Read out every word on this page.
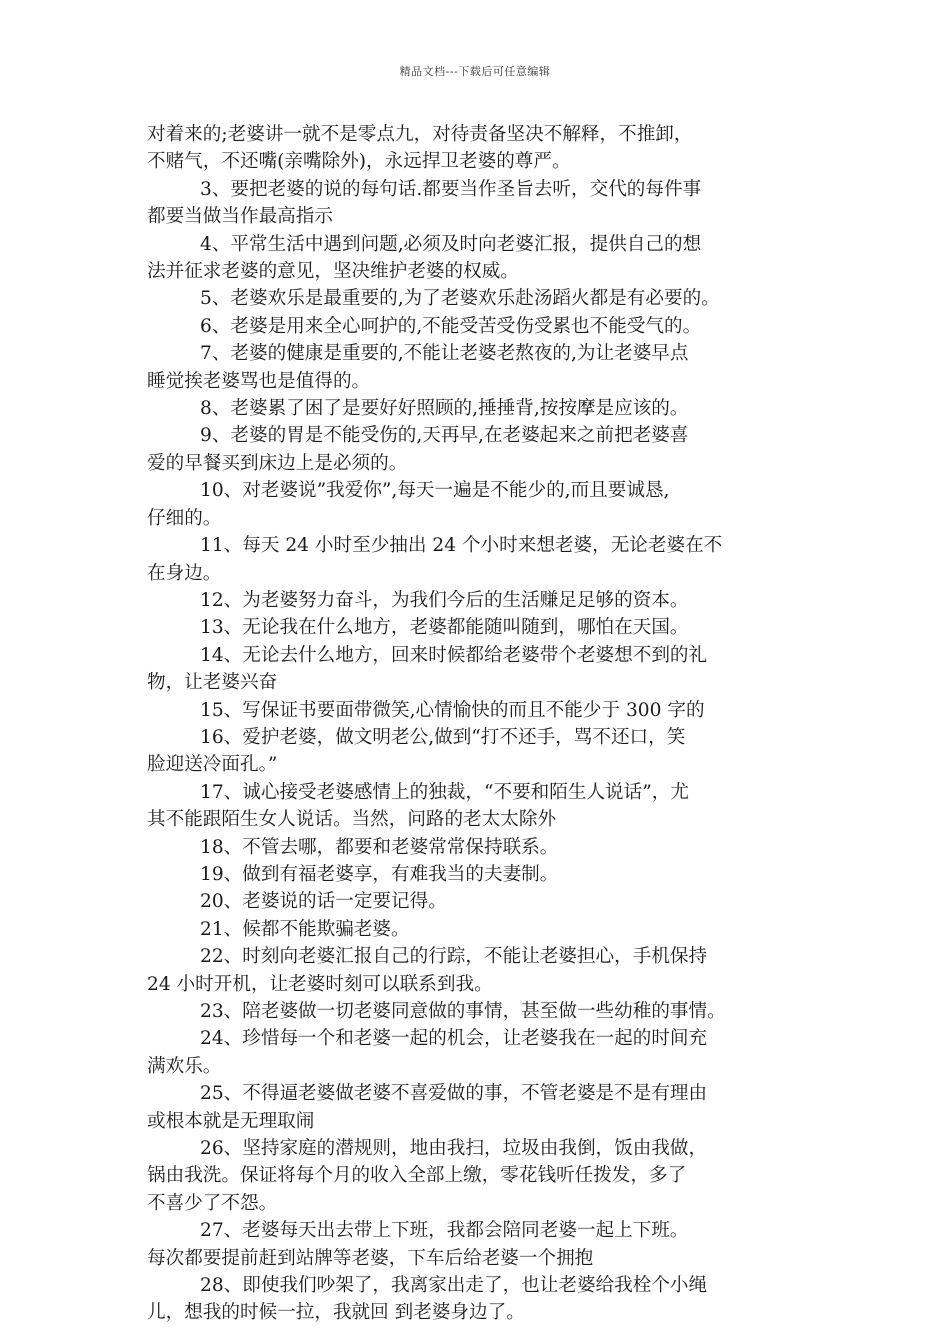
精品文档---下载后可任意编辑

对着来的;老婆讲一就不是零点九，对待责备坚决不解释，不推卸，

不赌气，不还嘴(亲嘴除外)，永远捍卫老婆的尊严。

3、要把老婆的说的每句话.都要当作圣旨去听，交代的每件事

都要当做当作最高指示

4、平常生活中遇到问题,必须及时向老婆汇报，提供自己的想

法并征求老婆的意见，坚决维护老婆的权威。

5、老婆欢乐是最重要的,为了老婆欢乐赴汤蹈火都是有必要的。

6、老婆是用来全心呵护的,不能受苦受伤受累也不能受气的。

7、老婆的健康是重要的,不能让老婆老熬夜的,为让老婆早点

睡觉挨老婆骂也是值得的。

8、老婆累了困了是要好好照顾的,捶捶背,按按摩是应该的。

9、老婆的胃是不能受伤的,天再早,在老婆起来之前把老婆喜

爱的早餐买到床边上是必须的。

10、对老婆说”我爱你”,每天一遍是不能少的,而且要诚恳,

仔细的。

11、每天 24 小时至少抽出 24 个小时来想老婆，无论老婆在不

在身边。

12、为老婆努力奋斗，为我们今后的生活赚足足够的资本。

13、无论我在什么地方，老婆都能随叫随到，哪怕在天国。

14、无论去什么地方，回来时候都给老婆带个老婆想不到的礼

物，让老婆兴奋

15、写保证书要面带微笑,心情愉快的而且不能少于 300 字的

16、爱护老婆，做文明老公,做到“打不还手，骂不还口，笑

脸迎送冷面孔。”

17、诚心接受老婆感情上的独裁，“不要和陌生人说话”，尤

其不能跟陌生女人说话。当然，问路的老太太除外

18、不管去哪，都要和老婆常常保持联系。

19、做到有福老婆享，有难我当的夫妻制。

20、老婆说的话一定要记得。

21、候都不能欺骗老婆。

22、时刻向老婆汇报自己的行踪，不能让老婆担心，手机保持

24 小时开机，让老婆时刻可以联系到我。

23、陪老婆做一切老婆同意做的事情，甚至做一些幼稚的事情。

24、珍惜每一个和老婆一起的机会，让老婆我在一起的时间充

满欢乐。

25、不得逼老婆做老婆不喜爱做的事，不管老婆是不是有理由

或根本就是无理取闹

26、坚持家庭的潜规则，地由我扫，垃圾由我倒，饭由我做，

锅由我洗。保证将每个月的收入全部上缴，零花钱听任拨发，多了

不喜少了不怨。

27、老婆每天出去带上下班，我都会陪同老婆一起上下班。

每次都要提前赶到站牌等老婆，下车后给老婆一个拥抱

28、即使我们吵架了，我离家出走了，也让老婆给我栓个小绳

儿，想我的时候一拉，我就回 到老婆身边了。
